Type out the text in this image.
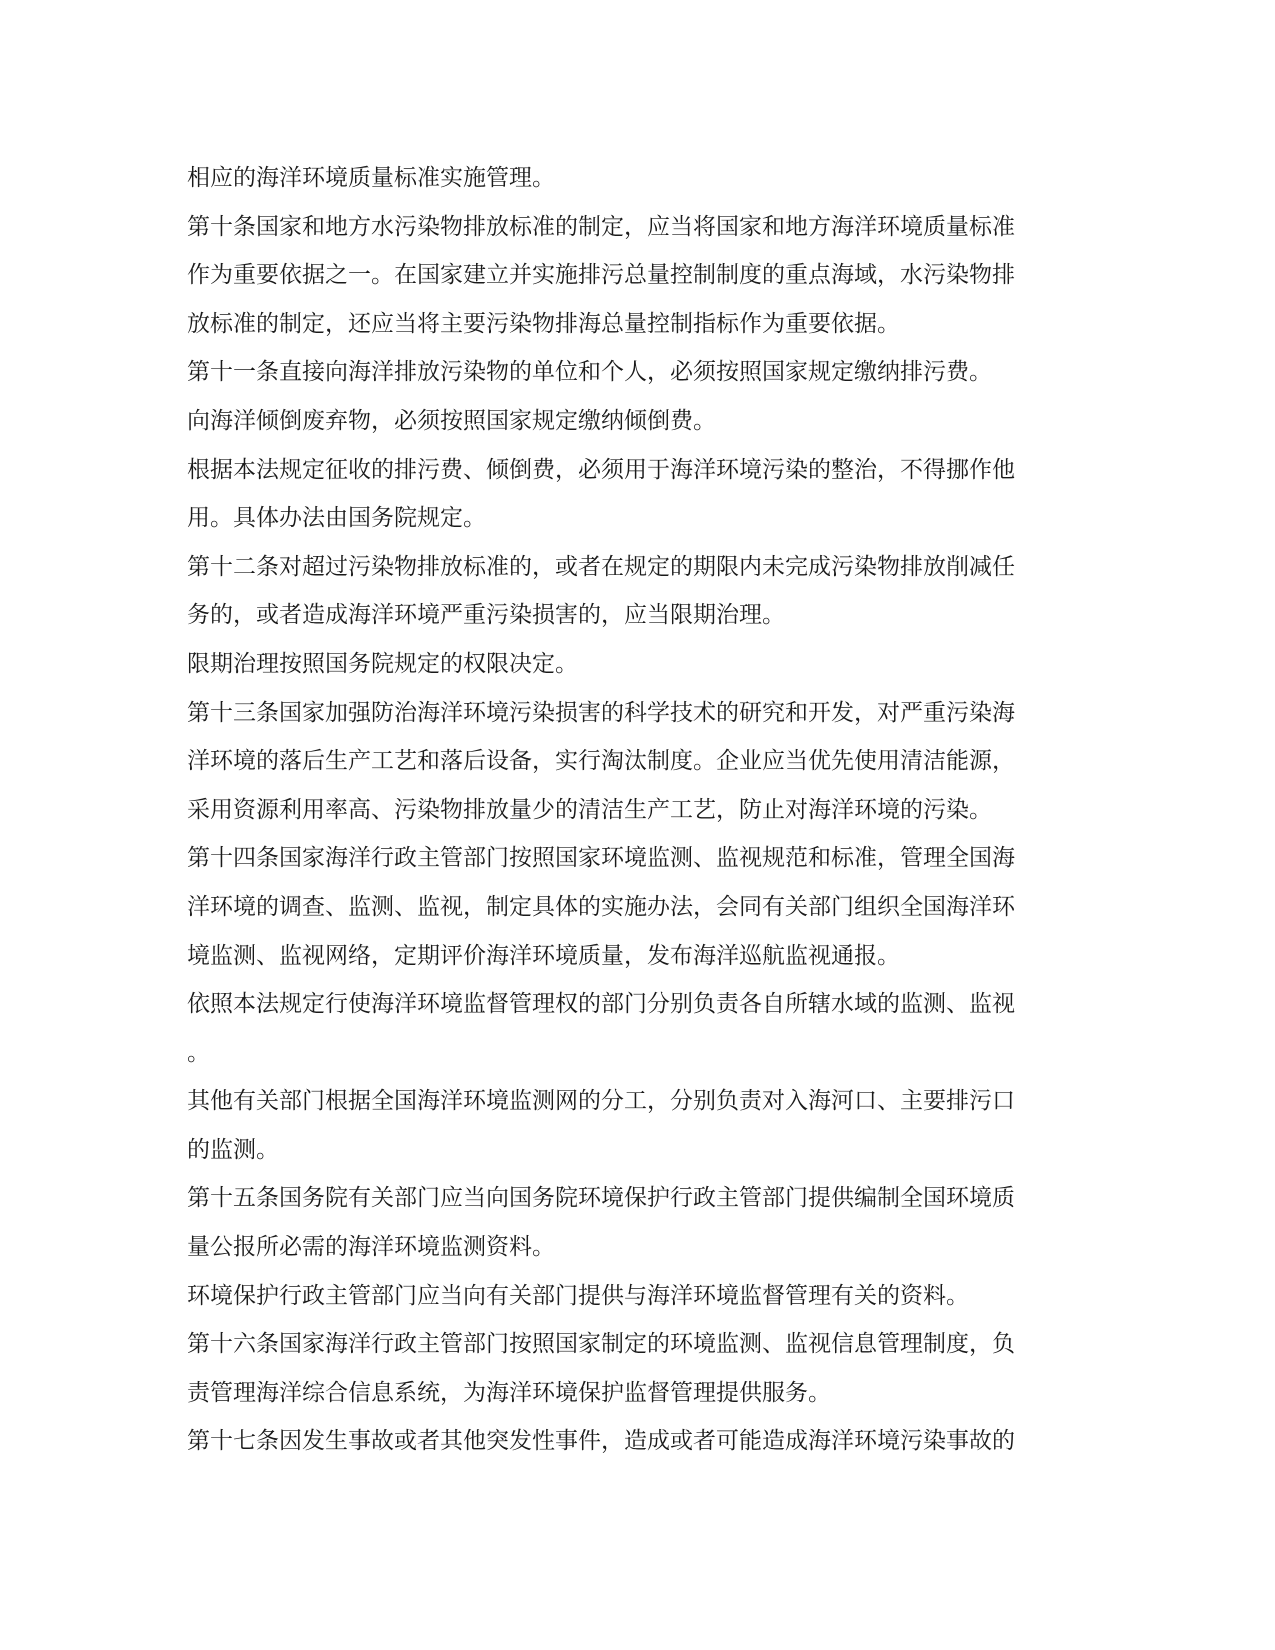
相应的海洋环境质量标准实施管理。
第十条国家和地方水污染物排放标准的制定，应当将国家和地方海洋环境质量标准
作为重要依据之一。在国家建立并实施排污总量控制制度的重点海域，水污染物排
放标准的制定，还应当将主要污染物排海总量控制指标作为重要依据。
第十一条直接向海洋排放污染物的单位和个人，必须按照国家规定缴纳排污费。
向海洋倾倒废弃物，必须按照国家规定缴纳倾倒费。
根据本法规定征收的排污费、倾倒费，必须用于海洋环境污染的整治，不得挪作他
用。具体办法由国务院规定。
第十二条对超过污染物排放标准的，或者在规定的期限内未完成污染物排放削减任
务的，或者造成海洋环境严重污染损害的，应当限期治理。
限期治理按照国务院规定的权限决定。
第十三条国家加强防治海洋环境污染损害的科学技术的研究和开发，对严重污染海
洋环境的落后生产工艺和落后设备，实行淘汰制度。企业应当优先使用清洁能源，
采用资源利用率高、污染物排放量少的清洁生产工艺，防止对海洋环境的污染。
第十四条国家海洋行政主管部门按照国家环境监测、监视规范和标准，管理全国海
洋环境的调查、监测、监视，制定具体的实施办法，会同有关部门组织全国海洋环
境监测、监视网络，定期评价海洋环境质量，发布海洋巡航监视通报。
依照本法规定行使海洋环境监督管理权的部门分别负责各自所辖水域的监测、监视
。
其他有关部门根据全国海洋环境监测网的分工，分别负责对入海河口、主要排污口
的监测。
第十五条国务院有关部门应当向国务院环境保护行政主管部门提供编制全国环境质
量公报所必需的海洋环境监测资料。
环境保护行政主管部门应当向有关部门提供与海洋环境监督管理有关的资料。
第十六条国家海洋行政主管部门按照国家制定的环境监测、监视信息管理制度，负
责管理海洋综合信息系统，为海洋环境保护监督管理提供服务。
第十七条因发生事故或者其他突发性事件，造成或者可能造成海洋环境污染事故的
